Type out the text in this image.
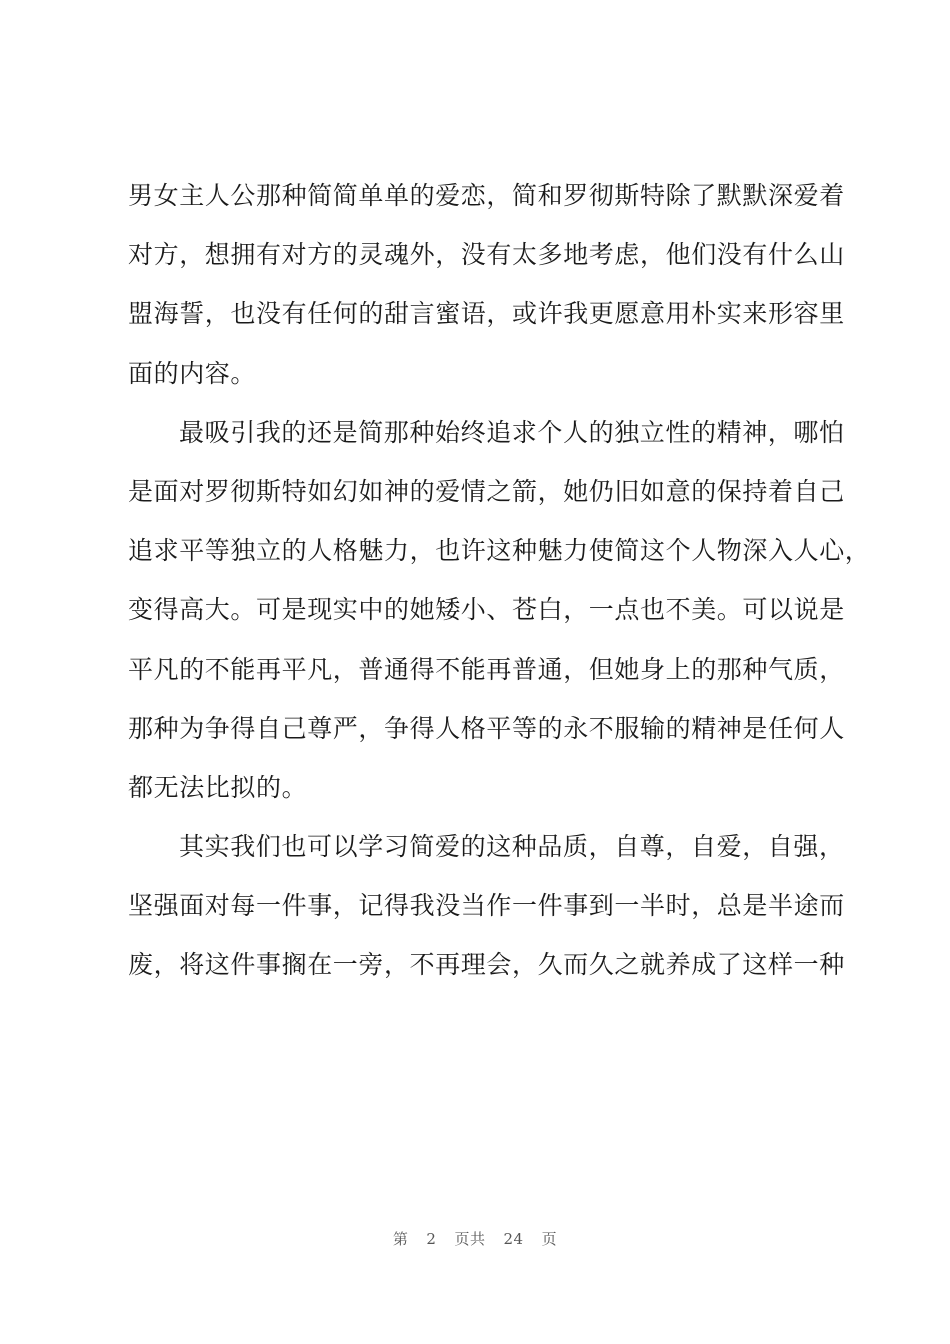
男女主人公那种简简单单的爱恋，简和罗彻斯特除了默默深爱着
对方，想拥有对方的灵魂外，没有太多地考虑，他们没有什么山
盟海誓，也没有任何的甜言蜜语，或许我更愿意用朴实来形容里
面的内容。
最吸引我的还是简那种始终追求个人的独立性的精神，哪怕
是面对罗彻斯特如幻如神的爱情之箭，她仍旧如意的保持着自己
追求平等独立的人格魅力，也许这种魅力使简这个人物深入人心，
变得高大。可是现实中的她矮小、苍白，一点也不美。可以说是
平凡的不能再平凡，普通得不能再普通，但她身上的那种气质，
那种为争得自己尊严，争得人格平等的永不服输的精神是任何人
都无法比拟的。
其实我们也可以学习简爱的这种品质，自尊，自爱，自强，
坚强面对每一件事，记得我没当作一件事到一半时，总是半途而
废，将这件事搁在一旁，不再理会，久而久之就养成了这样一种
第 2 页共 24 页
